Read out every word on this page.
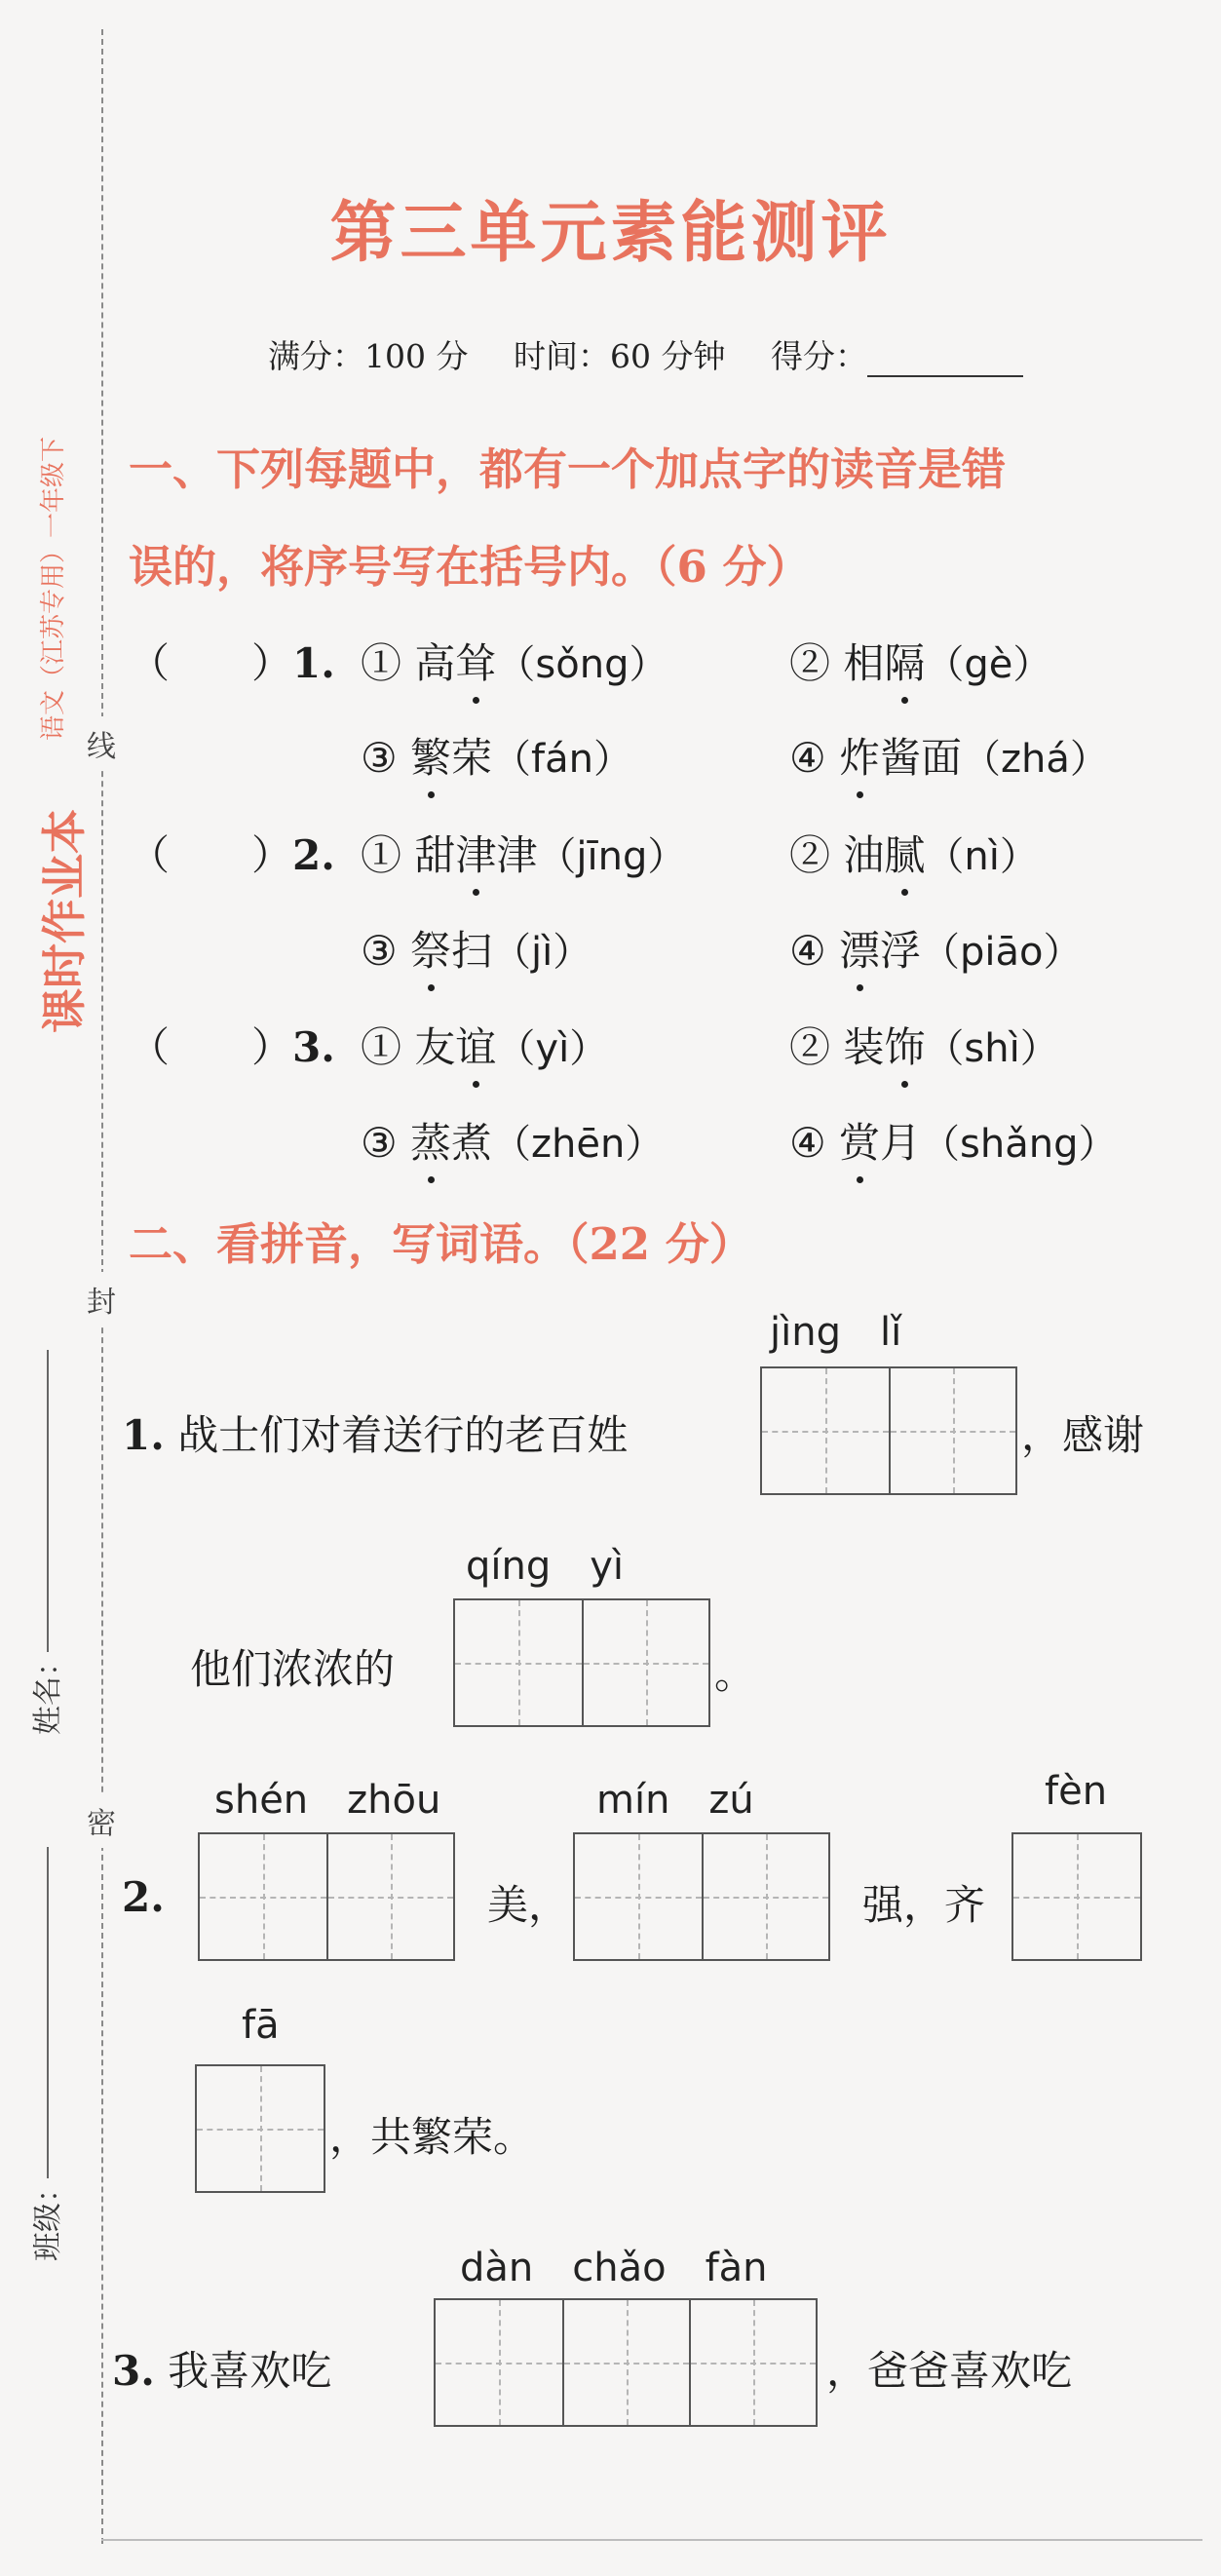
线
封
密
课时作业本
语文（江苏专用）一年级下
姓名：
班级：
第三单元素能测评
满分：100 分 时间：60 分钟 得分：
一、下列每题中，都有一个加点字的读音是错
误的，将序号写在括号内。（6 分）
（　　）1. ① 高耸（sǒng）	② 相隔（gè）
③ 繁荣（fán）	④ 炸酱面（zhá）
（　　）2. ① 甜津津（jīng）	② 油腻（nì）
③ 祭扫（jì）	④ 漂浮（piāo）
（　　）3. ① 友谊（yì）	② 装饰（shì）
③ 蒸煮（zhēn）	④ 赏月（shǎng）
二、看拼音，写词语。（22 分）
jìng　lǐ
1. 战士们对着送行的老百姓	，感谢
qíng　yì
他们浓浓的	。
shén　zhōu
2.	美，
mín　zú
强，齐
fèn
fā
，共繁荣。
dàn　chǎo　fàn
3. 我喜欢吃	，爸爸喜欢吃
